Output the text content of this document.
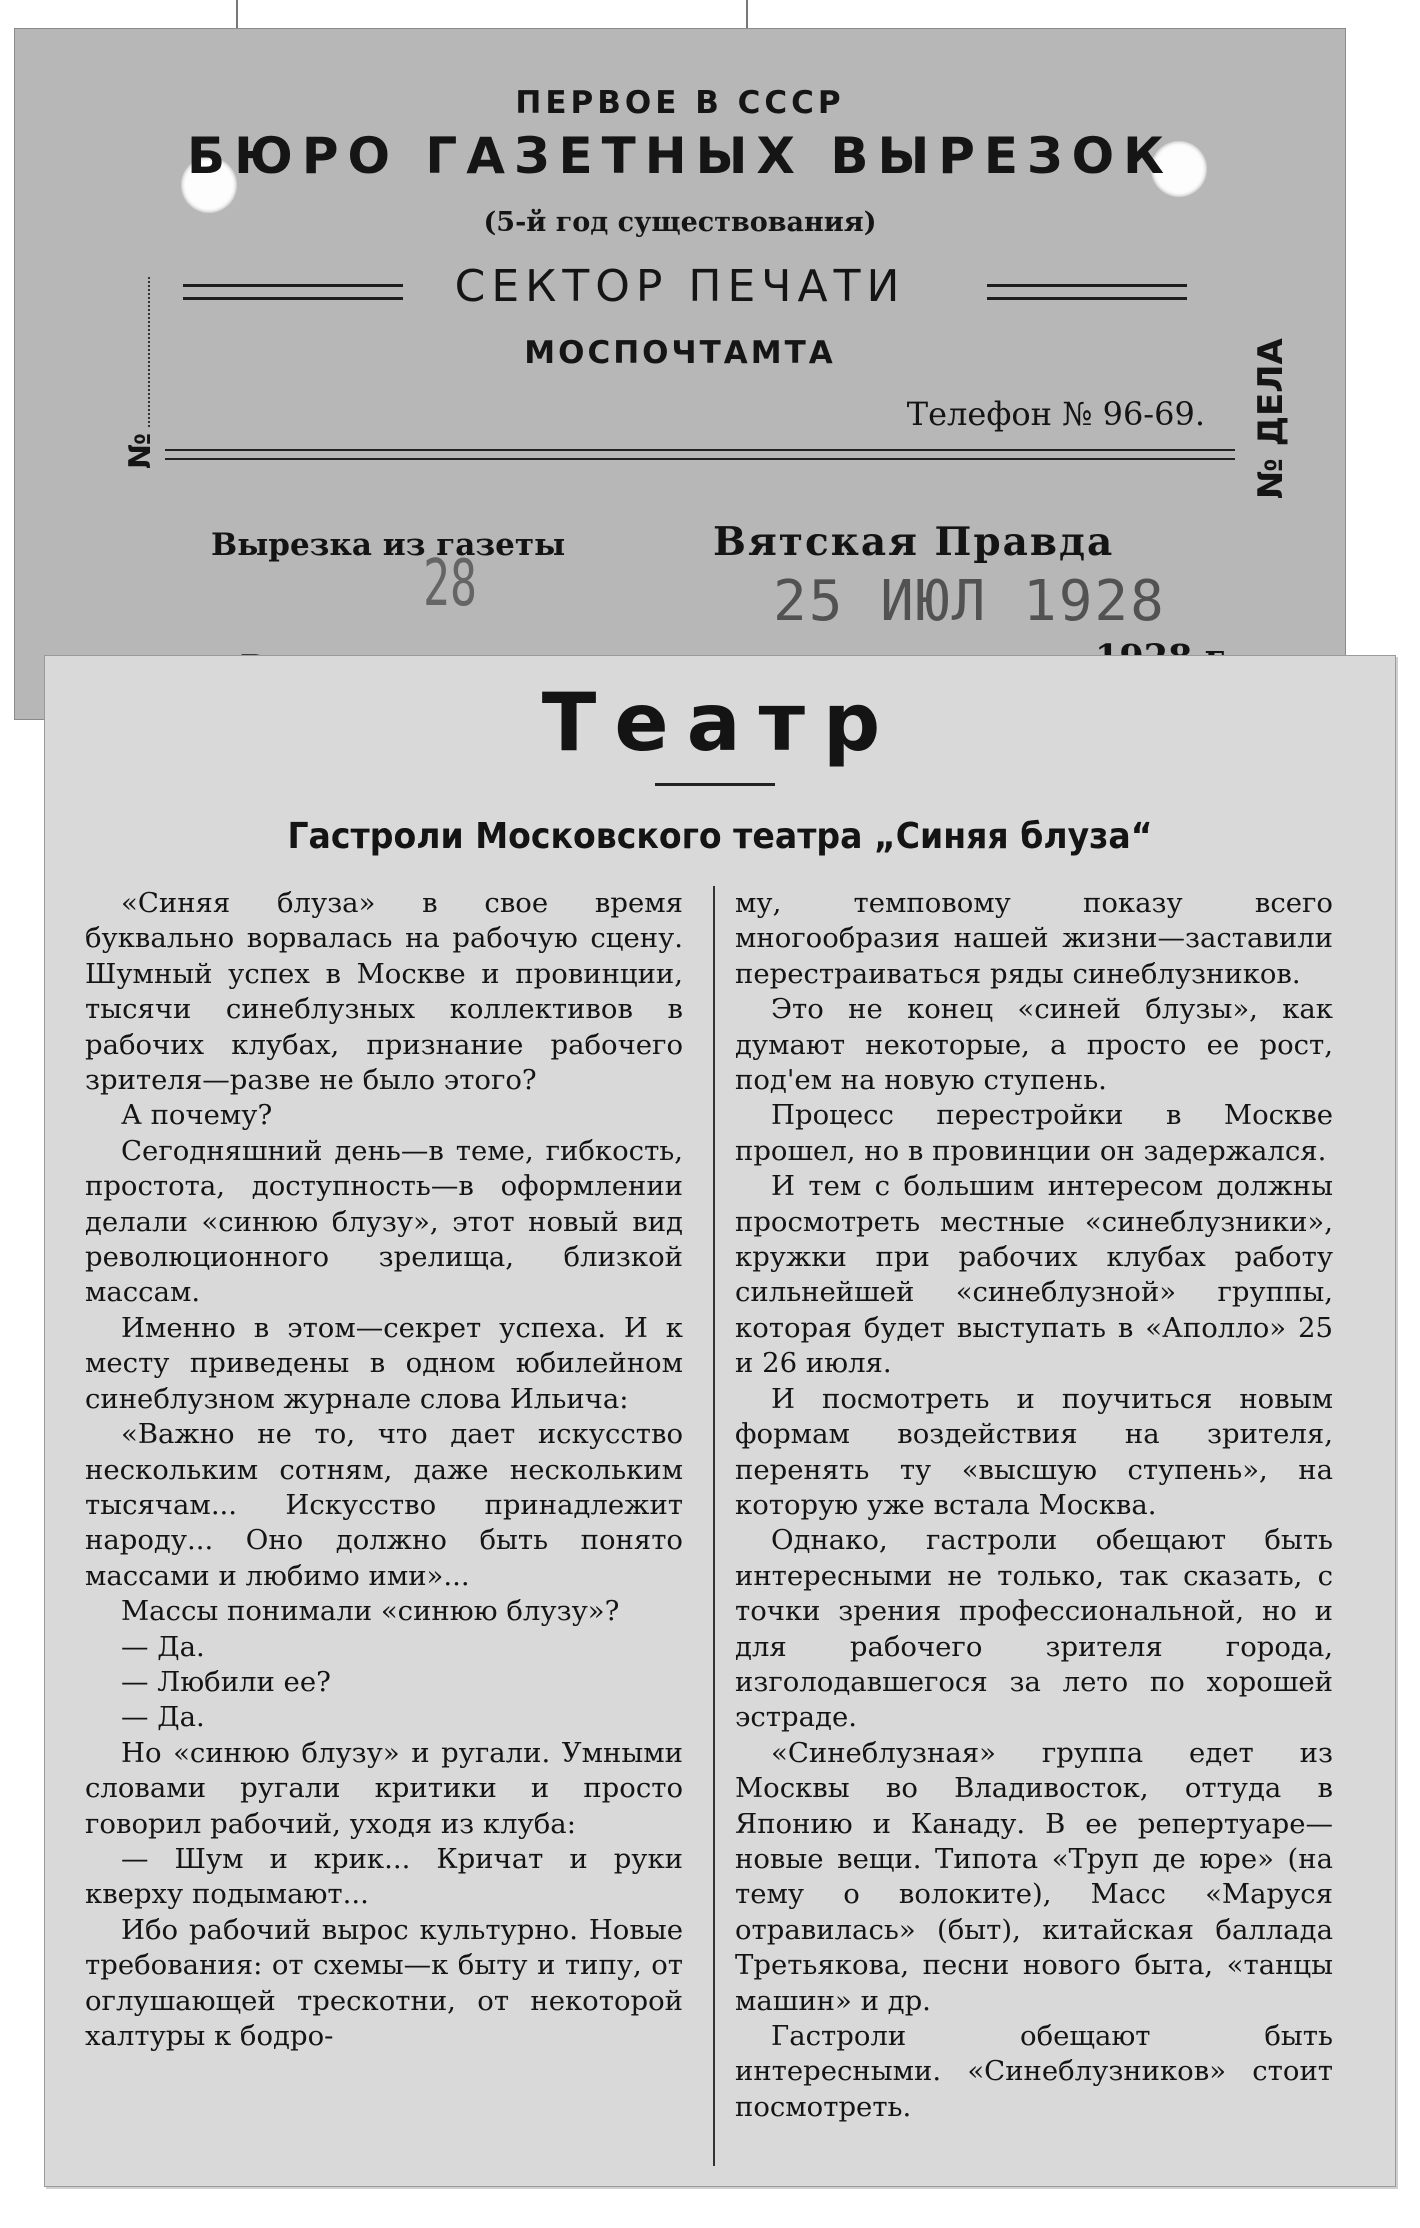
ПЕРВОЕ В СССР
БЮРО ГАЗЕТНЫХ ВЫРЕЗОК
(5-й год существования)
СЕКТОР ПЕЧАТИ
МОСПОЧТАМТА
Телефон № 96-69.
№	№ ДЕЛА
Вырезка из газеты	Вятская Правда
28	25 ИЮЛ 1928
Театр
Гастроли Московского театра „Синяя блуза“

«Синяя блуза» в свое время буквально ворвалась на рабочую сцену. Шумный успех в Москве и провинции, тысячи синеблузных коллективов в рабочих клубах, признание рабочего зрителя—разве не было этого?

А почему?

Сегодняшний день—в теме, гибкость, простота, доступность—в оформлении делали «синюю блузу», этот новый вид революционного зрелища, близкой массам.

Именно в этом—секрет успеха. И к месту приведены в одном юбилейном синеблузном журнале слова Ильича:

«Важно не то, что дает искусство нескольким сотням, даже нескольким тысячам... Искусство принадлежит народу... Оно должно быть понято массами и любимо ими»...

Массы понимали «синюю блузу»?

— Да.

— Любили ее?

— Да.

Но «синюю блузу» и ругали. Умными словами ругали критики и просто говорил рабочий, уходя из клуба:

— Шум и крик... Кричат и руки кверху подымают...

Ибо рабочий вырос культурно. Новые требования: от схемы—к быту и типу, от оглушающей трескотни, от некоторой халтуры к бодро-

му, темповому показу всего многообразия нашей жизни—заставили перестраиваться ряды синеблузников.

Это не конец «синей блузы», как думают некоторые, а просто ее рост, под'ем на новую ступень.

Процесс перестройки в Москве прошел, но в провинции он задержался.

И тем с большим интересом должны просмотреть местные «синеблузники», кружки при рабочих клубах работу сильнейшей «синеблузной» группы, которая будет выступать в «Аполло» 25 и 26 июля.

И посмотреть и поучиться новым формам воздействия на зрителя, перенять ту «высшую ступень», на которую уже встала Москва.

Однако, гастроли обещают быть интересными не только, так сказать, с точки зрения профессиональной, но и для рабочего зрителя города, изголодавшегося за лето по хорошей эстраде.

«Синеблузная» группа едет из Москвы во Владивосток, оттуда в Японию и Канаду. В ее репертуаре—новые вещи. Типота «Труп де юре» (на тему о волоките), Масс «Маруся отравилась» (быт), китайская баллада Третьякова, песни нового быта, «танцы машин» и др.

Гастроли обещают быть интересными. «Синеблузников» стоит посмотреть.
